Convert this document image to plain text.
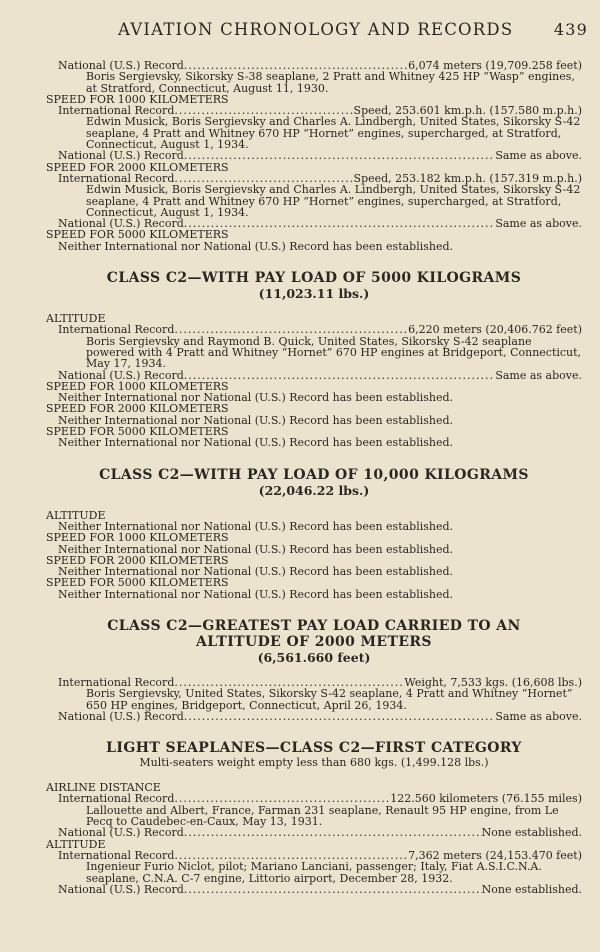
AVIATION CHRONOLOGY AND RECORDS	439
National (U.S.) Record .....	6,074 meters (19,709.258 feet)
Boris Sergievsky, Sikorsky S-38 seaplane, 2 Pratt and Whitney 425 HP “Wasp” engines, at Stratford, Connecticut, August 11, 1930.
SPEED FOR 1000 KILOMETERS
International Record .....	Speed, 253.601 km.p.h. (157.580 m.p.h.)
Edwin Musick, Boris Sergievsky and Charles A. Lindbergh, United States, Sikorsky S-42 seaplane, 4 Pratt and Whitney 670 HP “Hornet” engines, supercharged, at Stratford, Connecticut, August 1, 1934.
National (U.S.) Record .....	Same as above.
SPEED FOR 2000 KILOMETERS
International Record .....	Speed, 253.182 km.p.h. (157.319 m.p.h.)
Edwin Musick, Boris Sergievsky and Charles A. Lindbergh, United States, Sikorsky S-42 seaplane, 4 Pratt and Whitney 670 HP “Hornet” engines, supercharged, at Stratford, Connecticut, August 1, 1934.
National (U.S.) Record .....	Same as above.
SPEED FOR 5000 KILOMETERS
Neither International nor National (U.S.) Record has been established.
CLASS C2—WITH PAY LOAD OF 5000 KILOGRAMS
(11,023.11 lbs.)
ALTITUDE
International Record .....	6,220 meters (20,406.762 feet)
Boris Sergievsky and Raymond B. Quick, United States, Sikorsky S-42 seaplane powered with 4 Pratt and Whitney “Hornet” 670 HP engines at Bridgeport, Connecticut, May 17, 1934.
National (U.S.) Record .....	Same as above.
SPEED FOR 1000 KILOMETERS
Neither International nor National (U.S.) Record has been established.
SPEED FOR 2000 KILOMETERS
Neither International nor National (U.S.) Record has been established.
SPEED FOR 5000 KILOMETERS
Neither International nor National (U.S.) Record has been established.
CLASS C2—WITH PAY LOAD OF 10,000 KILOGRAMS
(22,046.22 lbs.)
ALTITUDE
Neither International nor National (U.S.) Record has been established.
SPEED FOR 1000 KILOMETERS
Neither International nor National (U.S.) Record has been established.
SPEED FOR 2000 KILOMETERS
Neither International nor National (U.S.) Record has been established.
SPEED FOR 5000 KILOMETERS
Neither International nor National (U.S.) Record has been established.
CLASS C2—GREATEST PAY LOAD CARRIED TO AN
ALTITUDE OF 2000 METERS
(6,561.660 feet)
International Record .....	Weight, 7,533 kgs. (16,608 lbs.)
Boris Sergievsky, United States, Sikorsky S-42 seaplane, 4 Pratt and Whitney “Hornet” 650 HP engines, Bridgeport, Connecticut, April 26, 1934.
National (U.S.) Record .....	Same as above.
LIGHT SEAPLANES—CLASS C2—FIRST CATEGORY
Multi-seaters weight empty less than 680 kgs. (1,499.128 lbs.)
AIRLINE DISTANCE
International Record .....	122.560 kilometers (76.155 miles)
Lallouette and Albert, France, Farman 231 seaplane, Renault 95 HP engine, from Le Pecq to Caudebec-en-Caux, May 13, 1931.
National (U.S.) Record .....	None established.
ALTITUDE
International Record .....	7,362 meters (24,153.470 feet)
Ingenieur Furio Niclot, pilot; Mariano Lanciani, passenger; Italy, Fiat A.S.I.C.N.A. seaplane, C.N.A. C-7 engine, Littorio airport, December 28, 1932.
National (U.S.) Record .....	None established.
